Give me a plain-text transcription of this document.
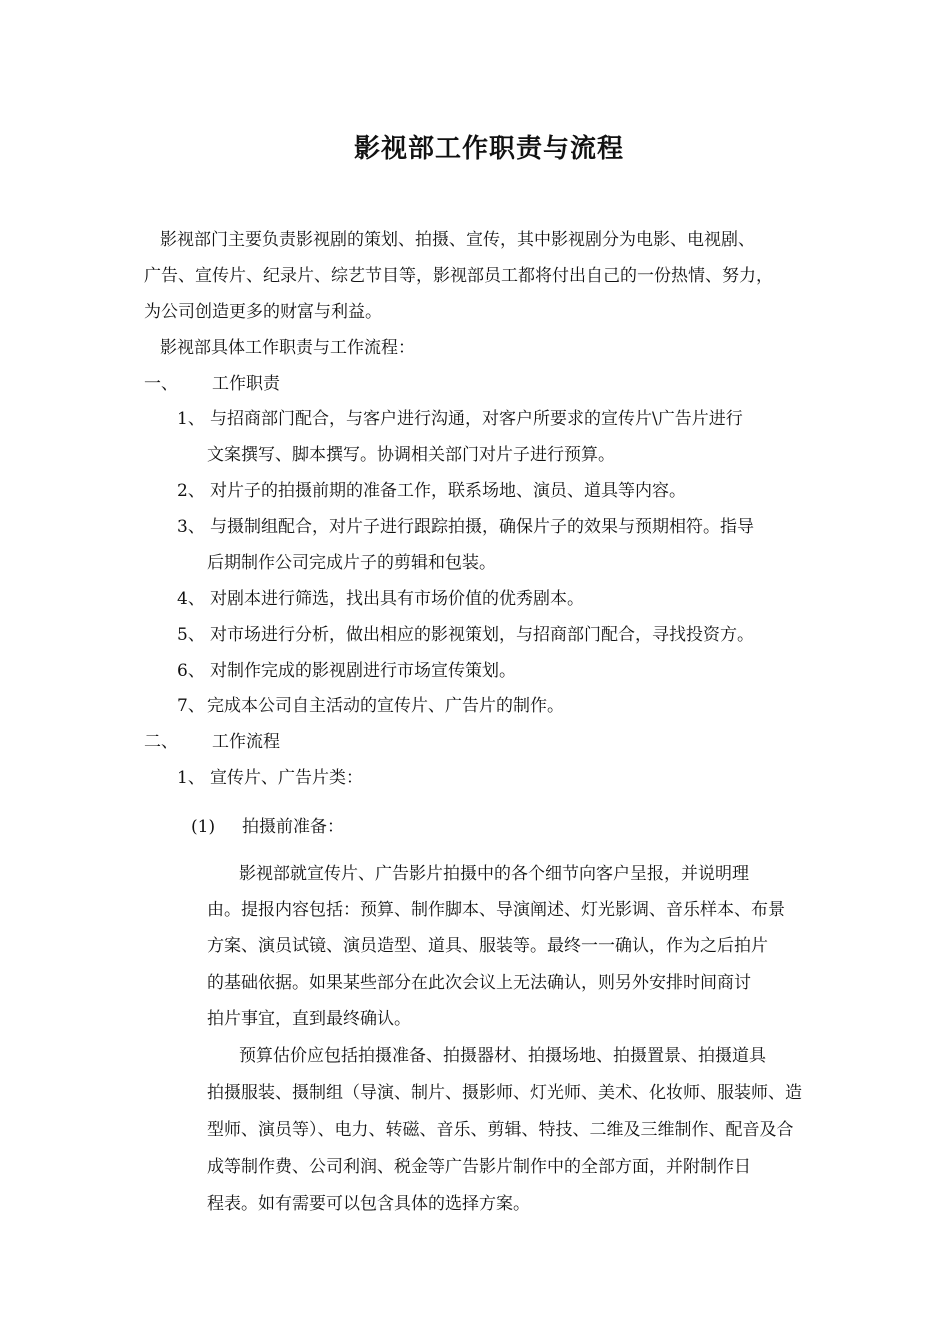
影视部工作职责与流程
影视部门主要负责影视剧的策划、拍摄、宣传，其中影视剧分为电影、电视剧、
广告、宣传片、纪录片、综艺节目等，影视部员工都将付出自己的一份热情、努力，
为公司创造更多的财富与利益。
影视部具体工作职责与工作流程：
一、 工作职责
1、 与招商部门配合，与客户进行沟通，对客户所要求的宣传片\广告片进行
文案撰写、脚本撰写。协调相关部门对片子进行预算。
2、 对片子的拍摄前期的准备工作，联系场地、演员、道具等内容。
3、 与摄制组配合，对片子进行跟踪拍摄，确保片子的效果与预期相符。指导
后期制作公司完成片子的剪辑和包装。
4、 对剧本进行筛选，找出具有市场价值的优秀剧本。
5、 对市场进行分析，做出相应的影视策划，与招商部门配合，寻找投资方。
6、 对制作完成的影视剧进行市场宣传策划。
7、 完成本公司自主活动的宣传片、广告片的制作。
二、 工作流程
1、 宣传片、广告片类：
(1) 拍摄前准备：
影视部就宣传片、广告影片拍摄中的各个细节向客户呈报，并说明理
由。提报内容包括：预算、制作脚本、导演阐述、灯光影调、音乐样本、布景
方案、演员试镜、演员造型、道具、服装等。最终一一确认，作为之后拍片
的基础依据。如果某些部分在此次会议上无法确认，则另外安排时间商讨
拍片事宜，直到最终确认。
预算估价应包括拍摄准备、拍摄器材、拍摄场地、拍摄置景、拍摄道具
拍摄服装、摄制组（导演、制片、摄影师、灯光师、美术、化妆师、服装师、造
型师、演员等）、电力、转磁、音乐、剪辑、特技、二维及三维制作、配音及合
成等制作费、公司利润、税金等广告影片制作中的全部方面，并附制作日
程表。如有需要可以包含具体的选择方案。
